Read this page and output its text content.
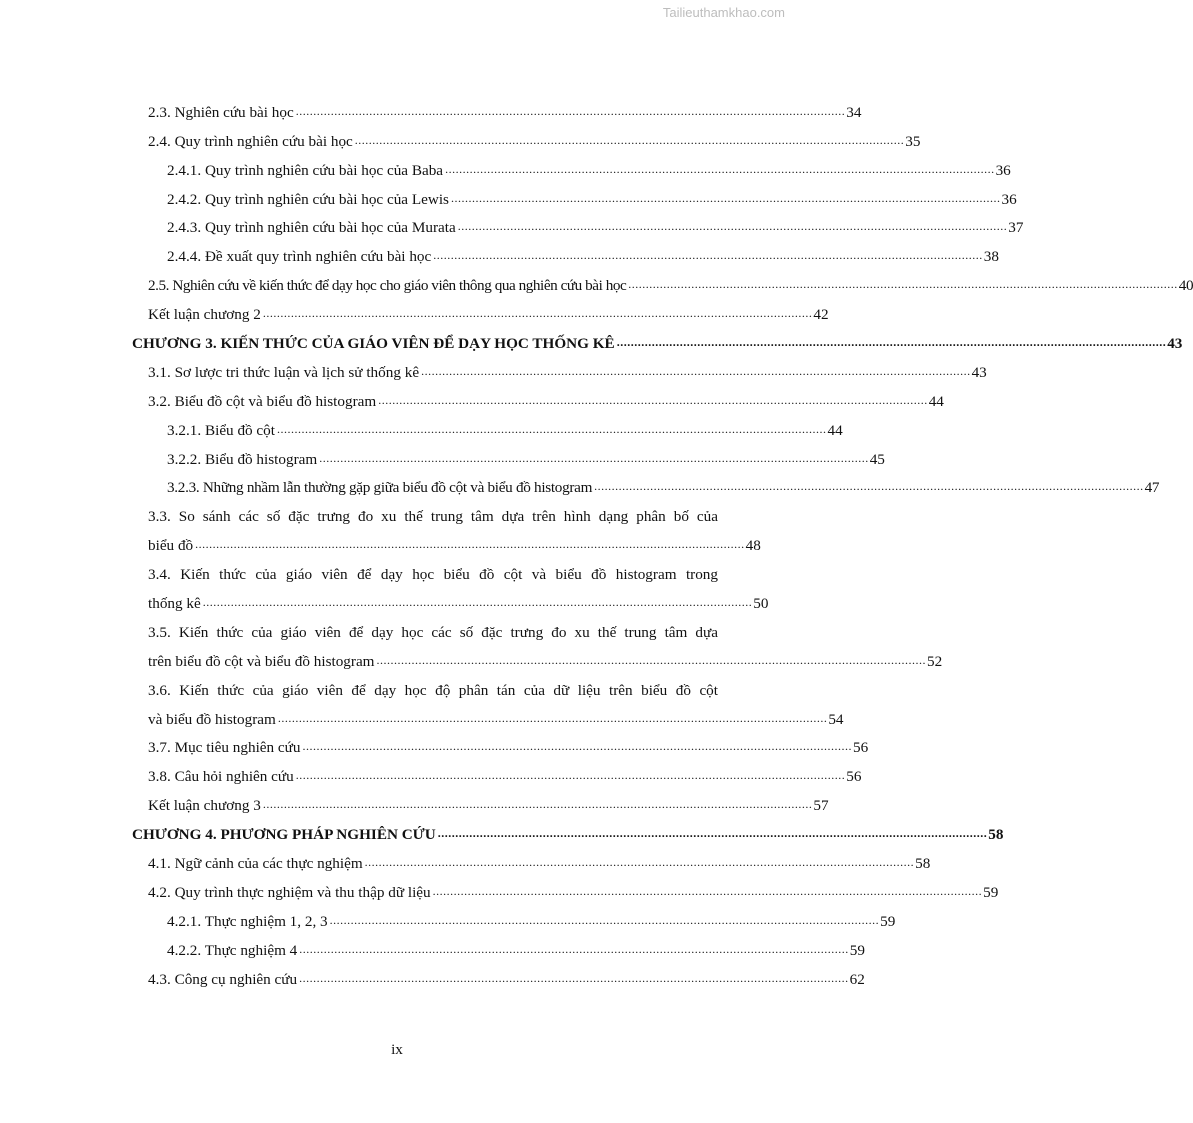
Tailieuthamkhao.com
2.3. Nghiên cứu bài học ............................................................................................................................................................. 34
2.4. Quy trình nghiên cứu bài học ............................................................................................................................................................. 35
2.4.1. Quy trình nghiên cứu bài học của Baba ............................................................................................................................................................. 36
2.4.2. Quy trình nghiên cứu bài học của Lewis ............................................................................................................................................................. 36
2.4.3. Quy trình nghiên cứu bài học của Murata ............................................................................................................................................................. 37
2.4.4. Đề xuất quy trình nghiên cứu bài học ............................................................................................................................................................. 38
2.5. Nghiên cứu về kiến thức để dạy học cho giáo viên thông qua nghiên cứu bài học ............................................................................................................................................................. 40
Kết luận chương 2 ............................................................................................................................................................. 42
CHƯƠNG 3. KIẾN THỨC CỦA GIÁO VIÊN ĐỂ DẠY HỌC THỐNG KÊ ............................................................................................................................................................. 43
3.1. Sơ lược tri thức luận và lịch sử thống kê ............................................................................................................................................................. 43
3.2. Biểu đồ cột và biểu đồ histogram ............................................................................................................................................................. 44
3.2.1. Biểu đồ cột ............................................................................................................................................................. 44
3.2.2. Biểu đồ histogram ............................................................................................................................................................. 45
3.2.3. Những nhầm lẫn thường gặp giữa biểu đồ cột và biểu đồ histogram ............................................................................................................................................................. 47
3.3. So sánh các số đặc trưng đo xu thế trung tâm dựa trên hình dạng phân bố của
biểu đồ ............................................................................................................................................................. 48
3.4. Kiến thức của giáo viên để dạy học biểu đồ cột và biểu đồ histogram trong
thống kê ............................................................................................................................................................. 50
3.5. Kiến thức của giáo viên để dạy học các số đặc trưng đo xu thế trung tâm dựa
trên biểu đồ cột và biểu đồ histogram ............................................................................................................................................................. 52
3.6. Kiến thức của giáo viên để dạy học độ phân tán của dữ liệu trên biểu đồ cột
và biểu đồ histogram ............................................................................................................................................................. 54
3.7. Mục tiêu nghiên cứu ............................................................................................................................................................. 56
3.8. Câu hỏi nghiên cứu ............................................................................................................................................................. 56
Kết luận chương 3 ............................................................................................................................................................. 57
CHƯƠNG 4. PHƯƠNG PHÁP NGHIÊN CỨU ............................................................................................................................................................. 58
4.1. Ngữ cảnh của các thực nghiệm ............................................................................................................................................................. 58
4.2. Quy trình thực nghiệm và thu thập dữ liệu ............................................................................................................................................................. 59
4.2.1. Thực nghiệm 1, 2, 3 ............................................................................................................................................................. 59
4.2.2. Thực nghiệm 4 ............................................................................................................................................................. 59
4.3. Công cụ nghiên cứu ............................................................................................................................................................. 62
ix
